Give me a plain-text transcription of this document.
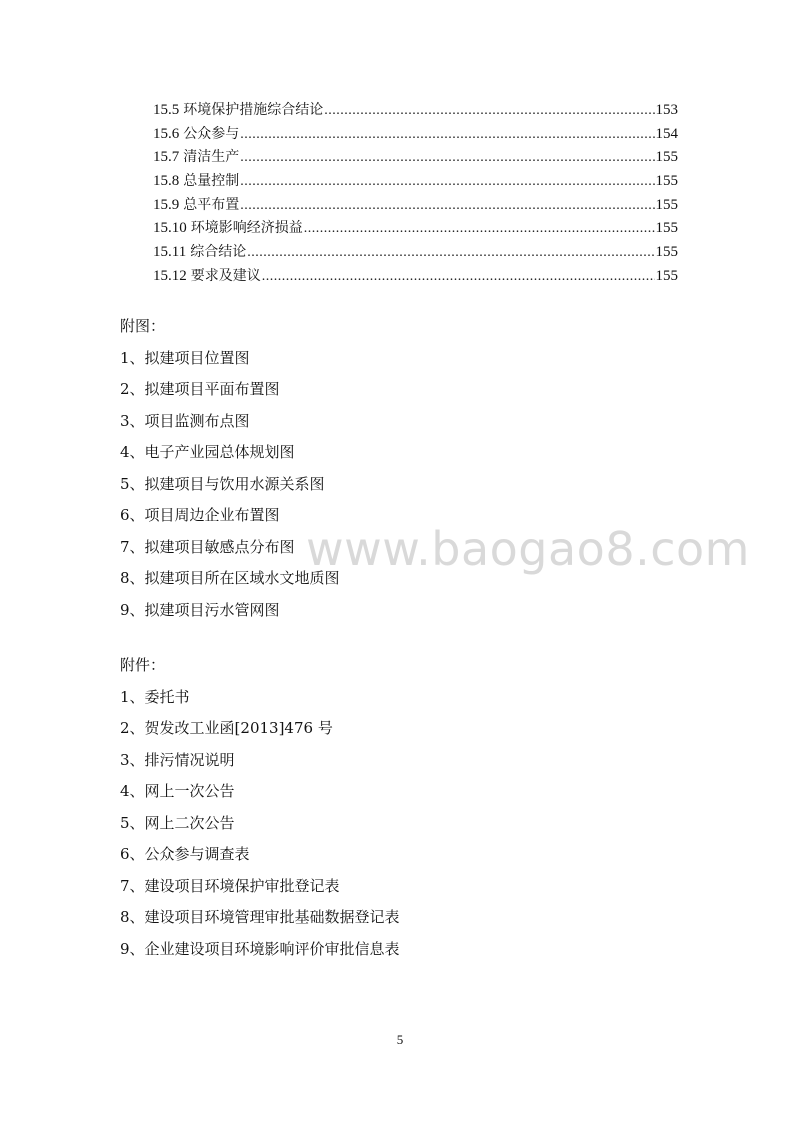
15.5 环境保护措施综合结论 .....	153
15.6 公众参与 .....	154
15.7 清洁生产 .....	155
15.8 总量控制 .....	155
15.9 总平布置 .....	155
15.10 环境影响经济损益 .....	155
15.11 综合结论 .....	155
15.12 要求及建议 .....	155
附图：
1、拟建项目位置图
2、拟建项目平面布置图
3、项目监测布点图
4、电子产业园总体规划图
5、拟建项目与饮用水源关系图
6、项目周边企业布置图
7、拟建项目敏感点分布图
8、拟建项目所在区域水文地质图
9、拟建项目污水管网图
附件：
1、委托书
2、贺发改工业函[2013]476 号
3、排污情况说明
4、网上一次公告
5、网上二次公告
6、公众参与调查表
7、建设项目环境保护审批登记表
8、建设项目环境管理审批基础数据登记表
9、企业建设项目环境影响评价审批信息表
www.baogao8.com
5
